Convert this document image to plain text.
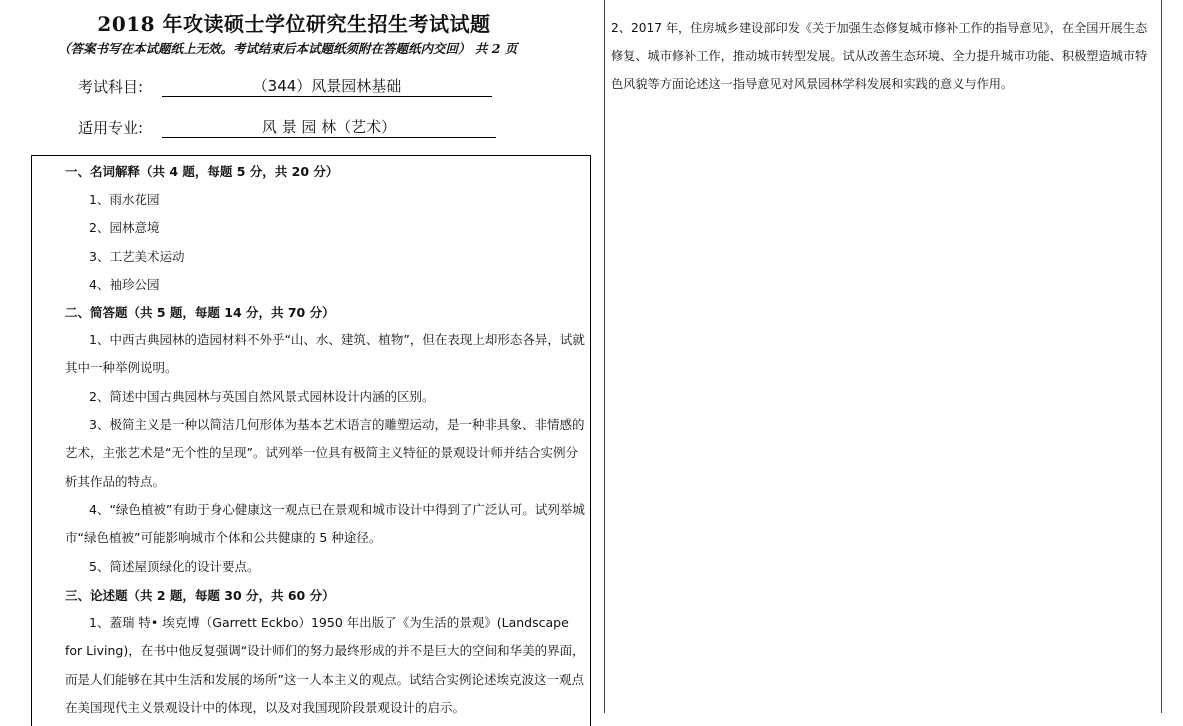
2018 年攻读硕士学位研究生招生考试试题
（答案书写在本试题纸上无效。考试结束后本试题纸须附在答题纸内交回） 共 2 页
考试科目:	（344）风景园林基础
适用专业:	风 景 园 林（艺术）
一、名词解释（共 4 题，每题 5 分，共 20 分）
1、雨水花园
2、园林意境
3、工艺美术运动
4、袖珍公园
二、简答题（共 5 题，每题 14 分，共 70 分）
1、中西古典园林的造园材料不外乎“山、水、建筑、植物”，但在表现上却形态各异，试就其中一种举例说明。
2、简述中国古典园林与英国自然风景式园林设计内涵的区别。
3、极简主义是一种以简洁几何形体为基本艺术语言的雕塑运动，是一种非具象、非情感的艺术，主张艺术是“无个性的呈现”。试列举一位具有极简主义特征的景观设计师并结合实例分析其作品的特点。
4、“绿色植被”有助于身心健康这一观点已在景观和城市设计中得到了广泛认可。试列举城市“绿色植被”可能影响城市个体和公共健康的 5 种途径。
5、简述屋顶绿化的设计要点。
三、论述题（共 2 题，每题 30 分，共 60 分）
1、蓋瑞 特• 埃克博（Garrett Eckbo）1950 年出版了《为生活的景观》(Landscape for Living)，在书中他反复强调“设计师们的努力最终形成的并不是巨大的空间和华美的界面，而是人们能够在其中生活和发展的场所”这一人本主义的观点。试结合实例论述埃克波这一观点在美国现代主义景观设计中的体现，以及对我国现阶段景观设计的启示。
2、2017 年，住房城乡建设部印发《关于加强生态修复城市修补工作的指导意见》，在全国开展生态修复、城市修补工作，推动城市转型发展。试从改善生态环境、全力提升城市功能、积极塑造城市特色风貌等方面论述这一指导意见对风景园林学科发展和实践的意义与作用。
